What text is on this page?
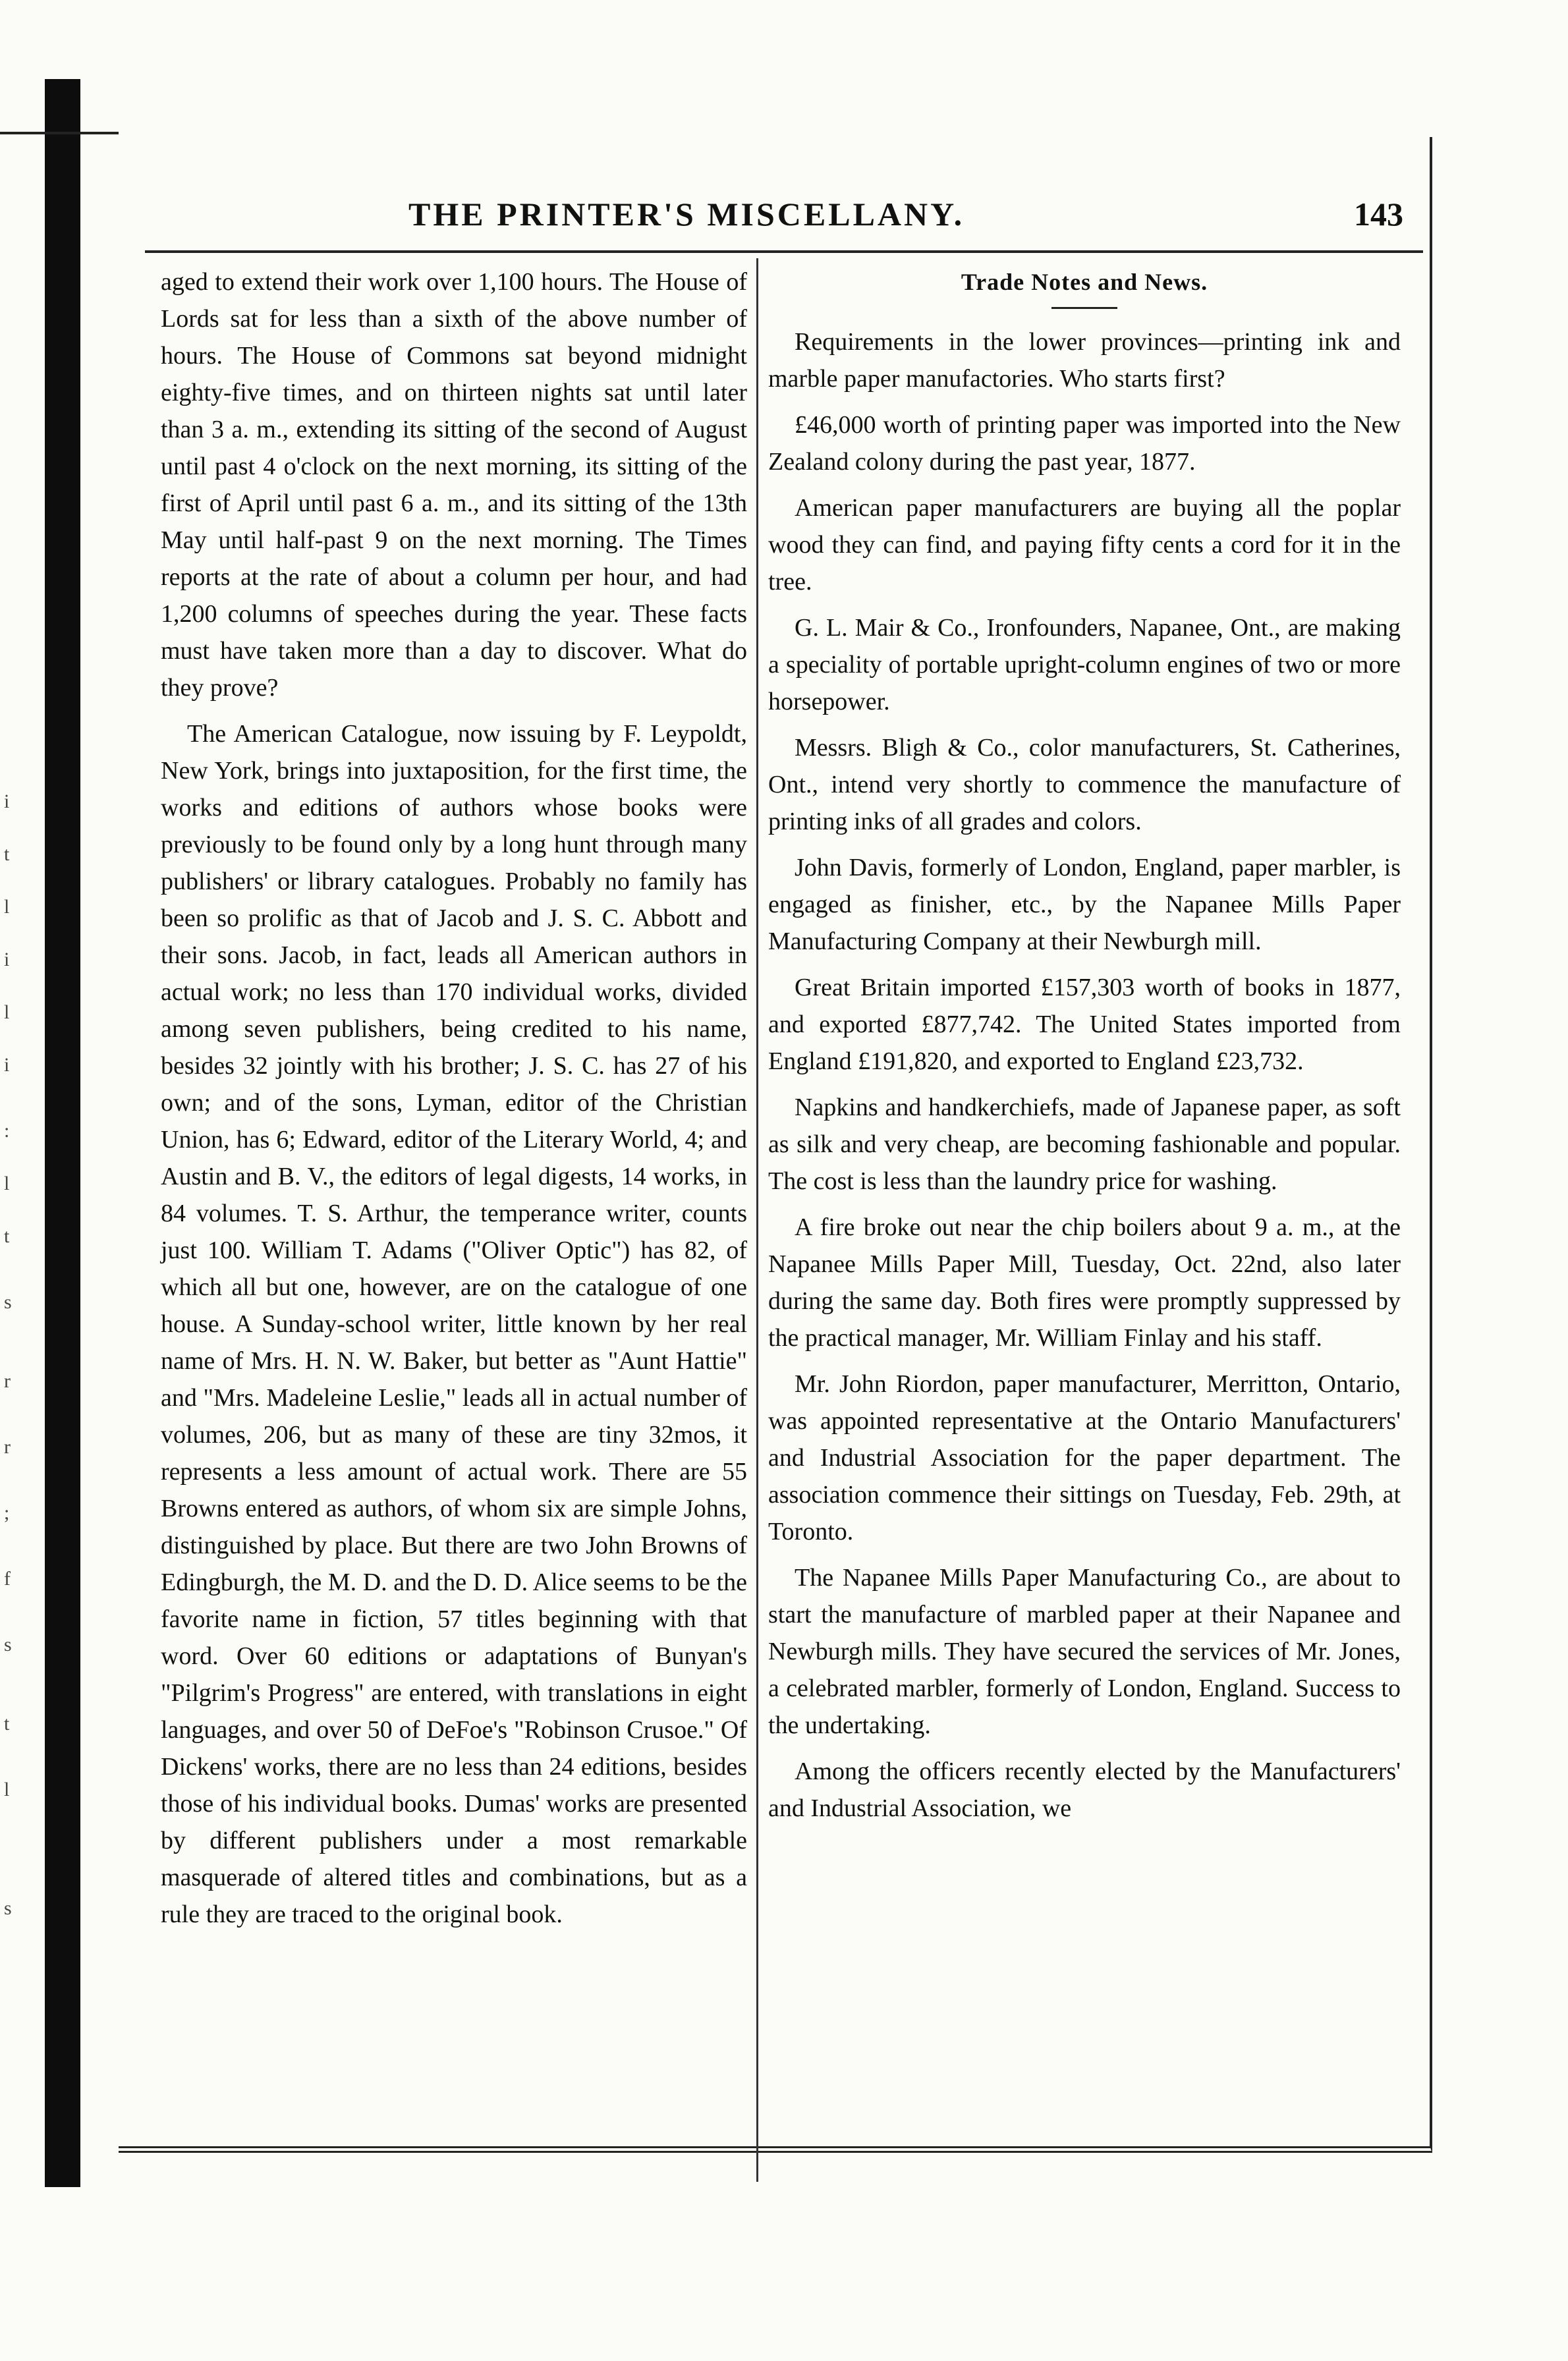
i
t
l
i
l
i
:
l
t
s
r
r
;
f
s
t
l
s
THE PRINTER'S MISCELLANY.	143

aged to extend their work over 1,100 hours. The House of Lords sat for less than a sixth of the above number of hours. The House of Commons sat beyond midnight eighty-five times, and on thirteen nights sat until later than 3 a. m., extending its sitting of the second of August until past 4 o'clock on the next morning, its sitting of the first of April until past 6 a. m., and its sitting of the 13th May until half-past 9 on the next morning. The Times reports at the rate of about a column per hour, and had 1,200 columns of speeches during the year. These facts must have taken more than a day to discover. What do they prove?

The American Catalogue, now issuing by F. Leypoldt, New York, brings into juxtaposition, for the first time, the works and editions of authors whose books were previously to be found only by a long hunt through many publishers' or library catalogues. Probably no family has been so prolific as that of Jacob and J. S. C. Abbott and their sons. Jacob, in fact, leads all American authors in actual work; no less than 170 individual works, divided among seven publishers, being credited to his name, besides 32 jointly with his brother; J. S. C. has 27 of his own; and of the sons, Lyman, editor of the Christian Union, has 6; Edward, editor of the Literary World, 4; and Austin and B. V., the editors of legal digests, 14 works, in 84 volumes. T. S. Arthur, the temperance writer, counts just 100. William T. Adams ("Oliver Optic") has 82, of which all but one, however, are on the catalogue of one house. A Sunday-school writer, little known by her real name of Mrs. H. N. W. Baker, but better as "Aunt Hattie" and "Mrs. Madeleine Leslie," leads all in actual number of volumes, 206, but as many of these are tiny 32mos, it represents a less amount of actual work. There are 55 Browns entered as authors, of whom six are simple Johns, distinguished by place. But there are two John Browns of Edingburgh, the M. D. and the D. D. Alice seems to be the favorite name in fiction, 57 titles beginning with that word. Over 60 editions or adaptations of Bunyan's "Pilgrim's Progress" are entered, with translations in eight languages, and over 50 of DeFoe's "Robinson Crusoe." Of Dickens' works, there are no less than 24 editions, besides those of his individual books. Dumas' works are presented by different publishers under a most remarkable masquerade of altered titles and combinations, but as a rule they are traced to the original book.

Trade Notes and News.

Requirements in the lower provinces—printing ink and marble paper manufactories. Who starts first?

£46,000 worth of printing paper was imported into the New Zealand colony during the past year, 1877.

American paper manufacturers are buying all the poplar wood they can find, and paying fifty cents a cord for it in the tree.

G. L. Mair & Co., Ironfounders, Napanee, Ont., are making a speciality of portable upright-column engines of two or more horsepower.

Messrs. Bligh & Co., color manufacturers, St. Catherines, Ont., intend very shortly to commence the manufacture of printing inks of all grades and colors.

John Davis, formerly of London, England, paper marbler, is engaged as finisher, etc., by the Napanee Mills Paper Manufacturing Company at their Newburgh mill.

Great Britain imported £157,303 worth of books in 1877, and exported £877,742. The United States imported from England £191,820, and exported to England £23,732.

Napkins and handkerchiefs, made of Japanese paper, as soft as silk and very cheap, are becoming fashionable and popular. The cost is less than the laundry price for washing.

A fire broke out near the chip boilers about 9 a. m., at the Napanee Mills Paper Mill, Tuesday, Oct. 22nd, also later during the same day. Both fires were promptly suppressed by the practical manager, Mr. William Finlay and his staff.

Mr. John Riordon, paper manufacturer, Merritton, Ontario, was appointed representative at the Ontario Manufacturers' and Industrial Association for the paper department. The association commence their sittings on Tuesday, Feb. 29th, at Toronto.

The Napanee Mills Paper Manufacturing Co., are about to start the manufacture of marbled paper at their Napanee and Newburgh mills. They have secured the services of Mr. Jones, a celebrated marbler, formerly of London, England. Success to the undertaking.

Among the officers recently elected by the Manufacturers' and Industrial Association, we
